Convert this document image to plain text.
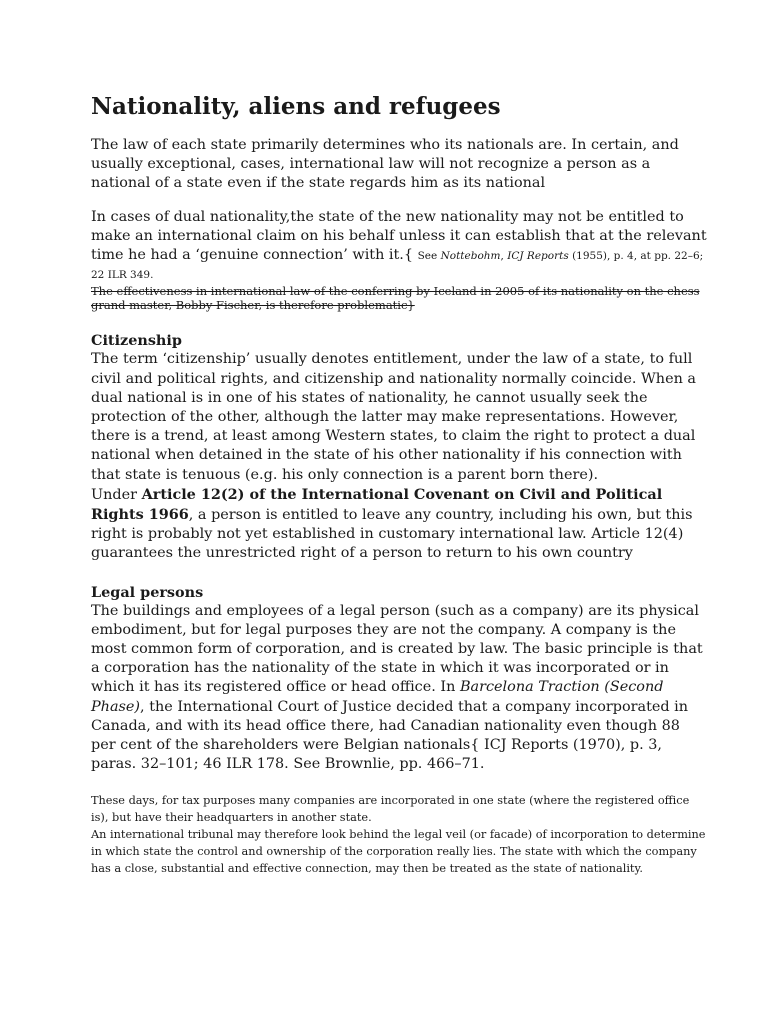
Nationality, aliens and refugees

The law of each state primarily determines who its nationals are. In certain, and usually exceptional, cases, international law will not recognize a person as a national of a state even if the state regards him as its national

In cases of dual nationality,the state of the new nationality may not be entitled to make an international claim on his behalf unless it can establish that at the relevant time he had a ‘genuine connection’ with it.{ See Nottebohm, ICJ Reports (1955), p. 4, at pp. 22–6; 22 ILR 349.
The effectiveness in international law of the conferring by Iceland in 2005 of its nationality on the chess grand master, Bobby Fischer, is therefore problematic}

Citizenship

The term ‘citizenship’ usually denotes entitlement, under the law of a state, to full civil and political rights, and citizenship and nationality normally coincide. When a dual national is in one of his states of nationality, he cannot usually seek the protection of the other, although the latter may make representations. However, there is a trend, at least among Western states, to claim the right to protect a dual national when detained in the state of his other nationality if his connection with that state is tenuous (e.g. his only connection is a parent born there).

Under Article 12(2) of the International Covenant on Civil and Political Rights 1966, a person is entitled to leave any country, including his own, but this right is probably not yet established in customary international law. Article 12(4) guarantees the unrestricted right of a person to return to his own country

Legal persons

The buildings and employees of a legal person (such as a company) are its physical embodiment, but for legal purposes they are not the company. A company is the most common form of corporation, and is created by law. The basic principle is that a corporation has the nationality of the state in which it was incorporated or in which it has its registered office or head office. In Barcelona Traction (Second Phase), the International Court of Justice decided that a company incorporated in Canada, and with its head office there, had Canadian nationality even though 88 per cent of the shareholders were Belgian nationals{ ICJ Reports (1970), p. 3, paras. 32–101; 46 ILR 178. See Brownlie, pp. 466–71.

These days, for tax purposes many companies are incorporated in one state (where the registered office is), but have their headquarters in another state.

An international tribunal may therefore look behind the legal veil (or facade) of incorporation to determine in which state the control and ownership of the corporation really lies. The state with which the company has a close, substantial and effective connection, may then be treated as the state of nationality.
